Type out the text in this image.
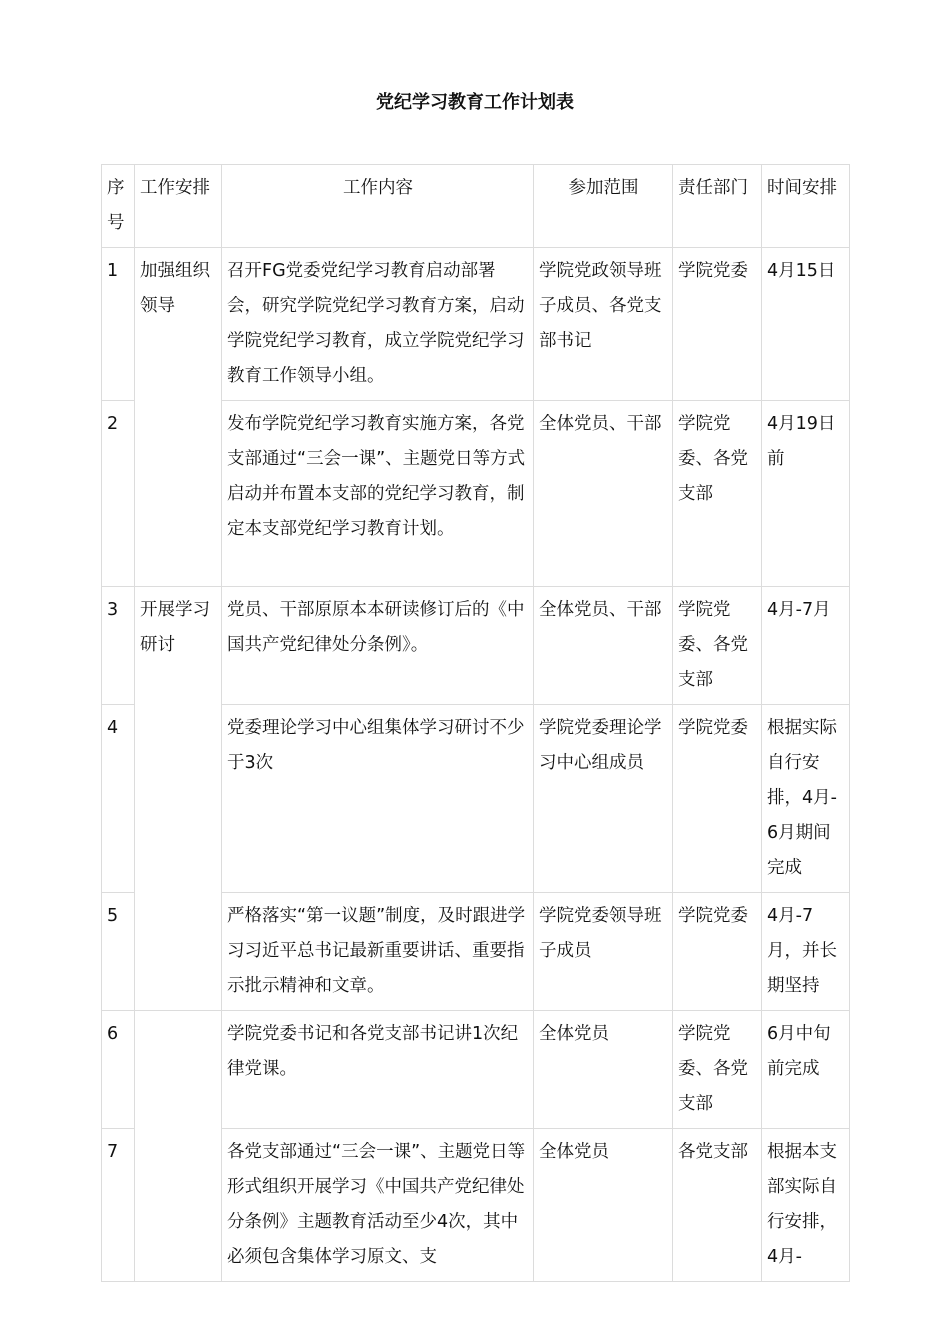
党纪学习教育工作计划表
序号	工作安排	工作内容	参加范围	责任部门	时间安排
1	加强组织领导	召开FG党委党纪学习教育启动部署会，研究学院党纪学习教育方案，启动学院党纪学习教育，成立学院党纪学习教育工作领导小组。	学院党政领导班子成员、各党支部书记	学院党委	4月15日
2		发布学院党纪学习教育实施方案，各党支部通过“三会一课”、主题党日等方式启动并布置本支部的党纪学习教育，制定本支部党纪学习教育计划。	全体党员、干部	学院党委、各党支部	4月19日前
3	开展学习研讨	党员、干部原原本本研读修订后的《中国共产党纪律处分条例》。	全体党员、干部	学院党委、各党支部	4月-7月
4		党委理论学习中心组集体学习研讨不少于3次	学院党委理论学习中心组成员	学院党委	根据实际自行安排，4月-6月期间完成
5		严格落实“第一议题”制度，及时跟进学习习近平总书记最新重要讲话、重要指示批示精神和文章。	学院党委领导班子成员	学院党委	4月-7月，并长期坚持
6		学院党委书记和各党支部书记讲1次纪律党课。	全体党员	学院党委、各党支部	6月中旬前完成
7		各党支部通过“三会一课”、主题党日等形式组织开展学习《中国共产党纪律处分条例》主题教育活动至少4次，其中必须包含集体学习原文、支	全体党员	各党支部	根据本支部实际自行安排，4月-
